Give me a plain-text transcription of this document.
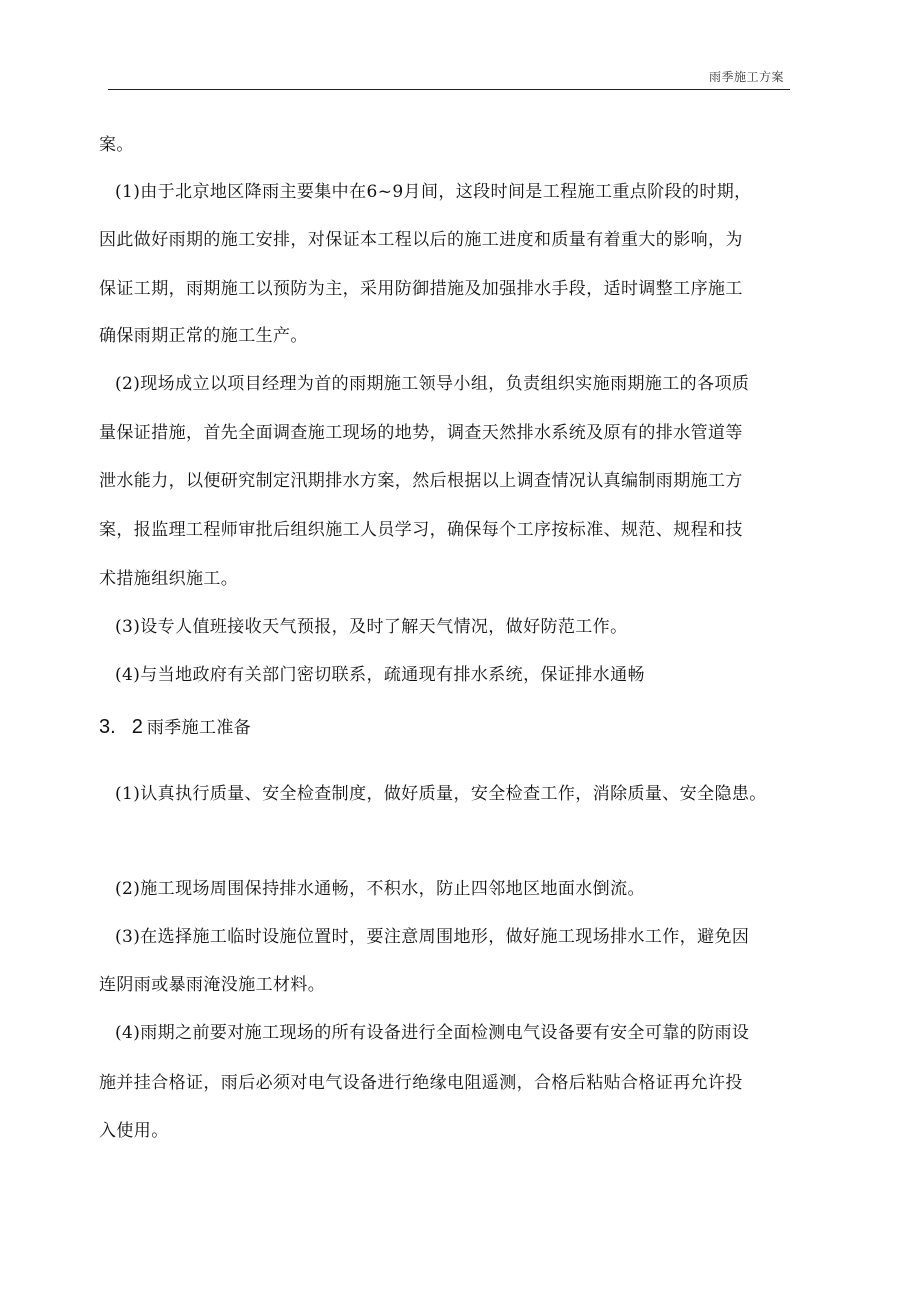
雨季施工方案
案。
(1)由于北京地区降雨主要集中在6~9月间，这段时间是工程施工重点阶段的时期，
因此做好雨期的施工安排，对保证本工程以后的施工进度和质量有着重大的影响，为
保证工期，雨期施工以预防为主，采用防御措施及加强排水手段，适时调整工序施工
确保雨期正常的施工生产。
(2)现场成立以项目经理为首的雨期施工领导小组，负责组织实施雨期施工的各项质
量保证措施，首先全面调查施工现场的地势，调查天然排水系统及原有的排水管道等
泄水能力，以便研究制定汛期排水方案，然后根据以上调查情况认真编制雨期施工方
案，报监理工程师审批后组织施工人员学习，确保每个工序按标准、规范、规程和技
术措施组织施工。
(3)设专人值班接收天气预报，及时了解天气情况，做好防范工作。
(4)与当地政府有关部门密切联系，疏通现有排水系统，保证排水通畅
3. 2 雨季施工准备
(1)认真执行质量、安全检查制度，做好质量，安全检查工作，消除质量、安全隐患。
(2)施工现场周围保持排水通畅，不积水，防止四邻地区地面水倒流。
(3)在选择施工临时设施位置时，要注意周围地形，做好施工现场排水工作，避免因
连阴雨或暴雨淹没施工材料。
(4)雨期之前要对施工现场的所有设备进行全面检测电气设备要有安全可靠的防雨设
施并挂合格证，雨后必须对电气设备进行绝缘电阻遥测，合格后粘贴合格证再允许投
入使用。
